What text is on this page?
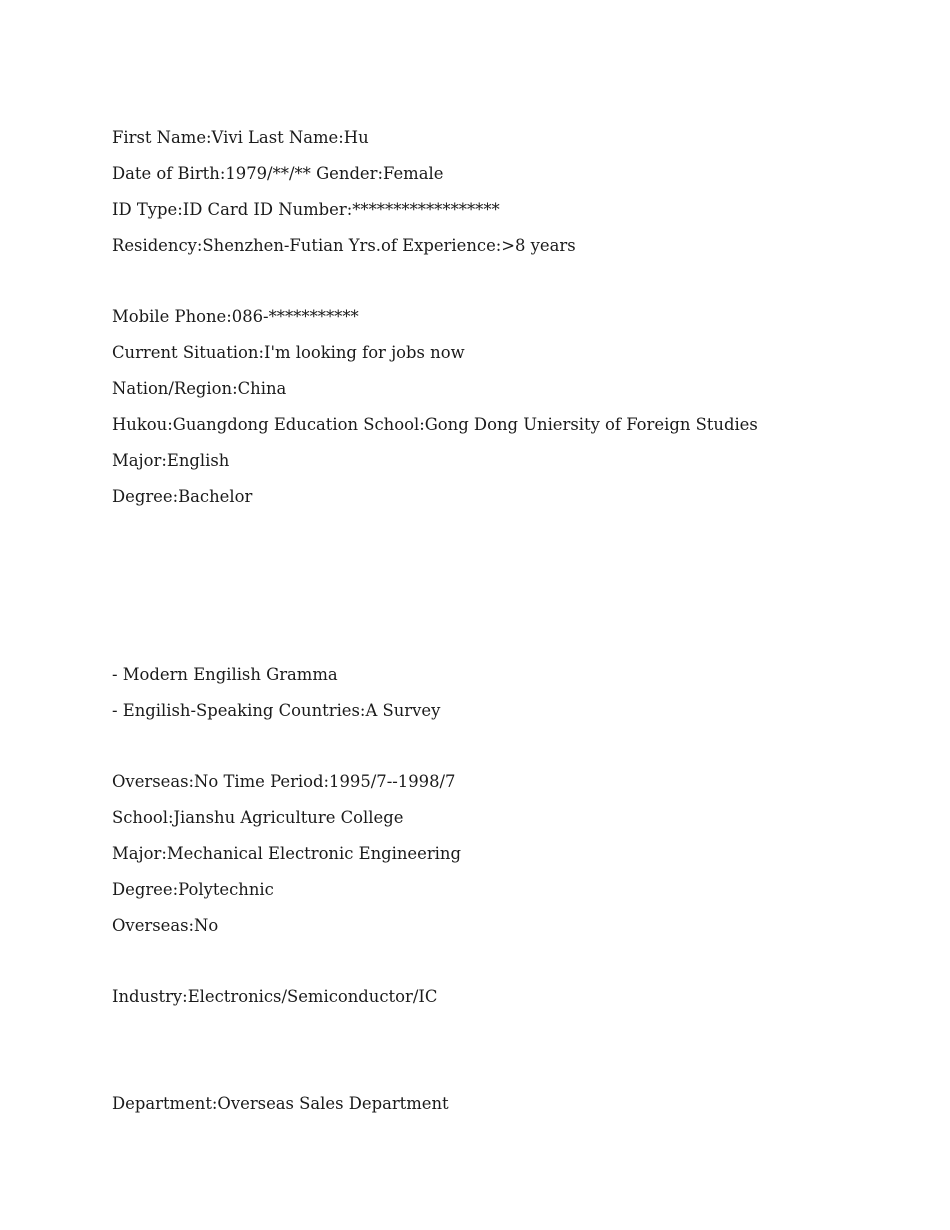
First Name:Vivi Last Name:Hu

Date of Birth:1979/**/** Gender:Female

ID Type:ID Card ID Number:******************

Residency:Shenzhen-Futian Yrs.of Experience:>8 years

Mobile Phone:086-***********

Current Situation:I'm looking for jobs now

Nation/Region:China

Hukou:Guangdong Education School:Gong Dong Uniersity of Foreign Studies

Major:English

Degree:Bachelor

- Modern Engilish Gramma

- Engilish-Speaking Countries:A Survey

Overseas:No Time Period:1995/7--1998/7

School:Jianshu Agriculture College

Major:Mechanical Electronic Engineering

Degree:Polytechnic

Overseas:No

Industry:Electronics/Semiconductor/IC

Department:Overseas Sales Department
